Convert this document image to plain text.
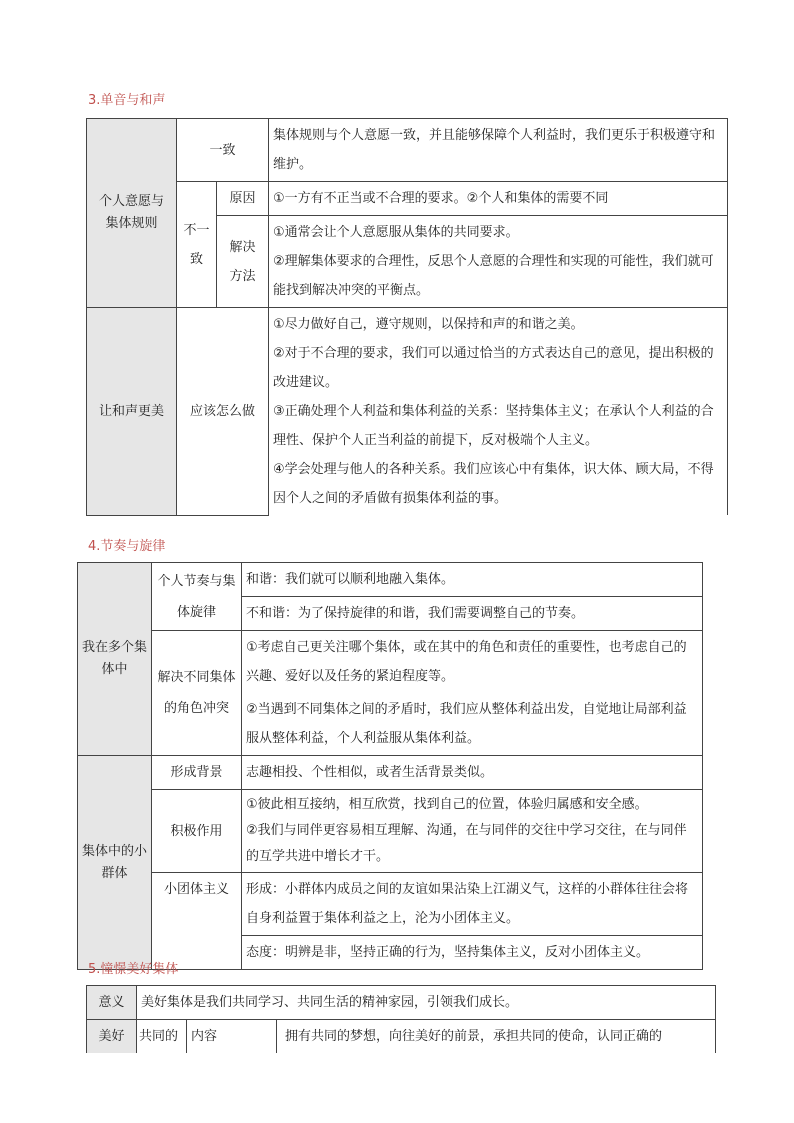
3.单音与和声
个人意愿与集体规则	一致		集体规则与个人意愿一致，并且能够保障个人利益时，我们更乐于积极遵守和维护。
	不一致	原因	①一方有不正当或不合理的要求。②个人和集体的需要不同
		解决方法	①通常会让个人意愿服从集体的共同要求。
②理解集体要求的合理性，反思个人意愿的合理性和实现的可能性，我们就可能找到解决冲突的平衡点。

让和声更美	应该怎么做		①尽力做好自己，遵守规则，以保持和声的和谐之美。
②对于不合理的要求，我们可以通过恰当的方式表达自己的意见，提出积极的改进建议。
③正确处理个人利益和集体利益的关系：坚持集体主义；在承认个人利益的合理性、保护个人正当利益的前提下，反对极端个人主义。
④学会处理与他人的各种关系。我们应该心中有集体，识大体、顾大局，不得因个人之间的矛盾做有损集体利益的事。
4.节奏与旋律
我在多个集体中	个人节奏与集体旋律	和谐：我们就可以顺利地融入集体。
		不和谐：为了保持旋律的和谐，我们需要调整自己的节奏。
	解决不同集体的角色冲突	①考虑自己更关注哪个集体，或在其中的角色和责任的重要性，也考虑自己的兴趣、爱好以及任务的紧迫程度等。
		②当遇到不同集体之间的矛盾时，我们应从整体利益出发，自觉地让局部利益服从整体利益，个人利益服从集体利益。
集体中的小群体	形成背景	志趣相投、个性相似，或者生活背景类似。
	积极作用	①彼此相互接纳，相互欣赏，找到自己的位置，体验归属感和安全感。
②我们与同伴更容易相互理解、沟通，在与同伴的交往中学习交往，在与同伴的互学共进中增长才干。

	小团体主义	形成：小群体内成员之间的友谊如果沾染上江湖义气，这样的小群体往往会将自身利益置于集体利益之上，沦为小团体主义。
		态度：明辨是非，坚持正确的行为，坚持集体主义，反对小团体主义。
5.憧憬美好集体
意义	美好集体是我们共同学习、共同生活的精神家园，引领我们成长。		
美好	共同的	内容	拥有共同的梦想，向往美好的前景，承担共同的使命，认同正确的
